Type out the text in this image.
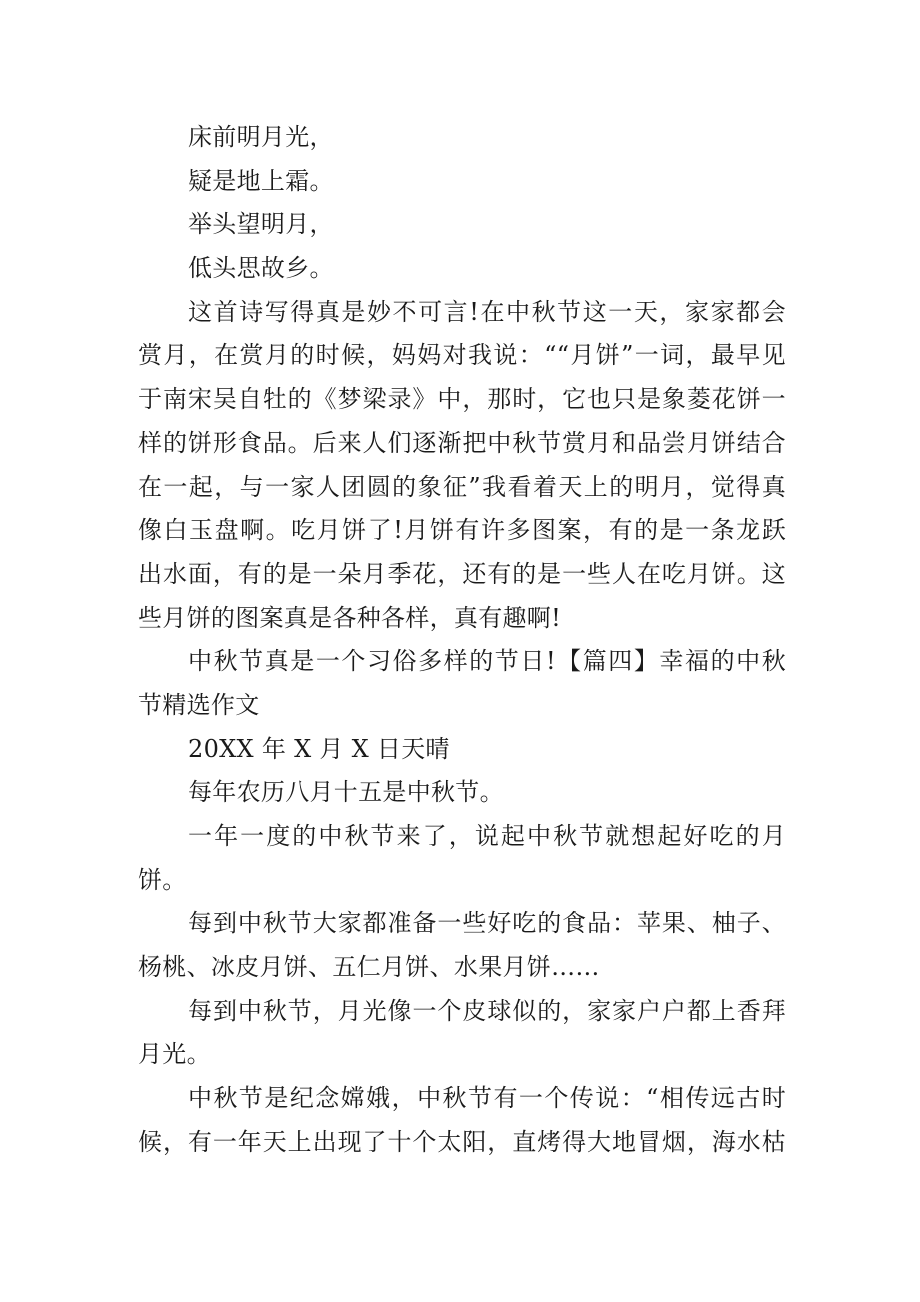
床前明月光，
疑是地上霜。
举头望明月，
低头思故乡。
这首诗写得真是妙不可言!在中秋节这一天，家家都会
赏月，在赏月的时候，妈妈对我说：““月饼”一词，最早见
于南宋吴自牡的《梦梁录》中，那时，它也只是象菱花饼一
样的饼形食品。后来人们逐渐把中秋节赏月和品尝月饼结合
在一起，与一家人团圆的象征”我看着天上的明月，觉得真
像白玉盘啊。吃月饼了!月饼有许多图案，有的是一条龙跃
出水面，有的是一朵月季花，还有的是一些人在吃月饼。这
些月饼的图案真是各种各样，真有趣啊!
中秋节真是一个习俗多样的节日!【篇四】幸福的中秋
节精选作文
20XX 年 X 月 X 日天晴
每年农历八月十五是中秋节。
一年一度的中秋节来了，说起中秋节就想起好吃的月
饼。
每到中秋节大家都准备一些好吃的食品：苹果、柚子、
杨桃、冰皮月饼、五仁月饼、水果月饼……
每到中秋节，月光像一个皮球似的，家家户户都上香拜
月光。
中秋节是纪念嫦娥，中秋节有一个传说：“相传远古时
候，有一年天上出现了十个太阳，直烤得大地冒烟，海水枯
